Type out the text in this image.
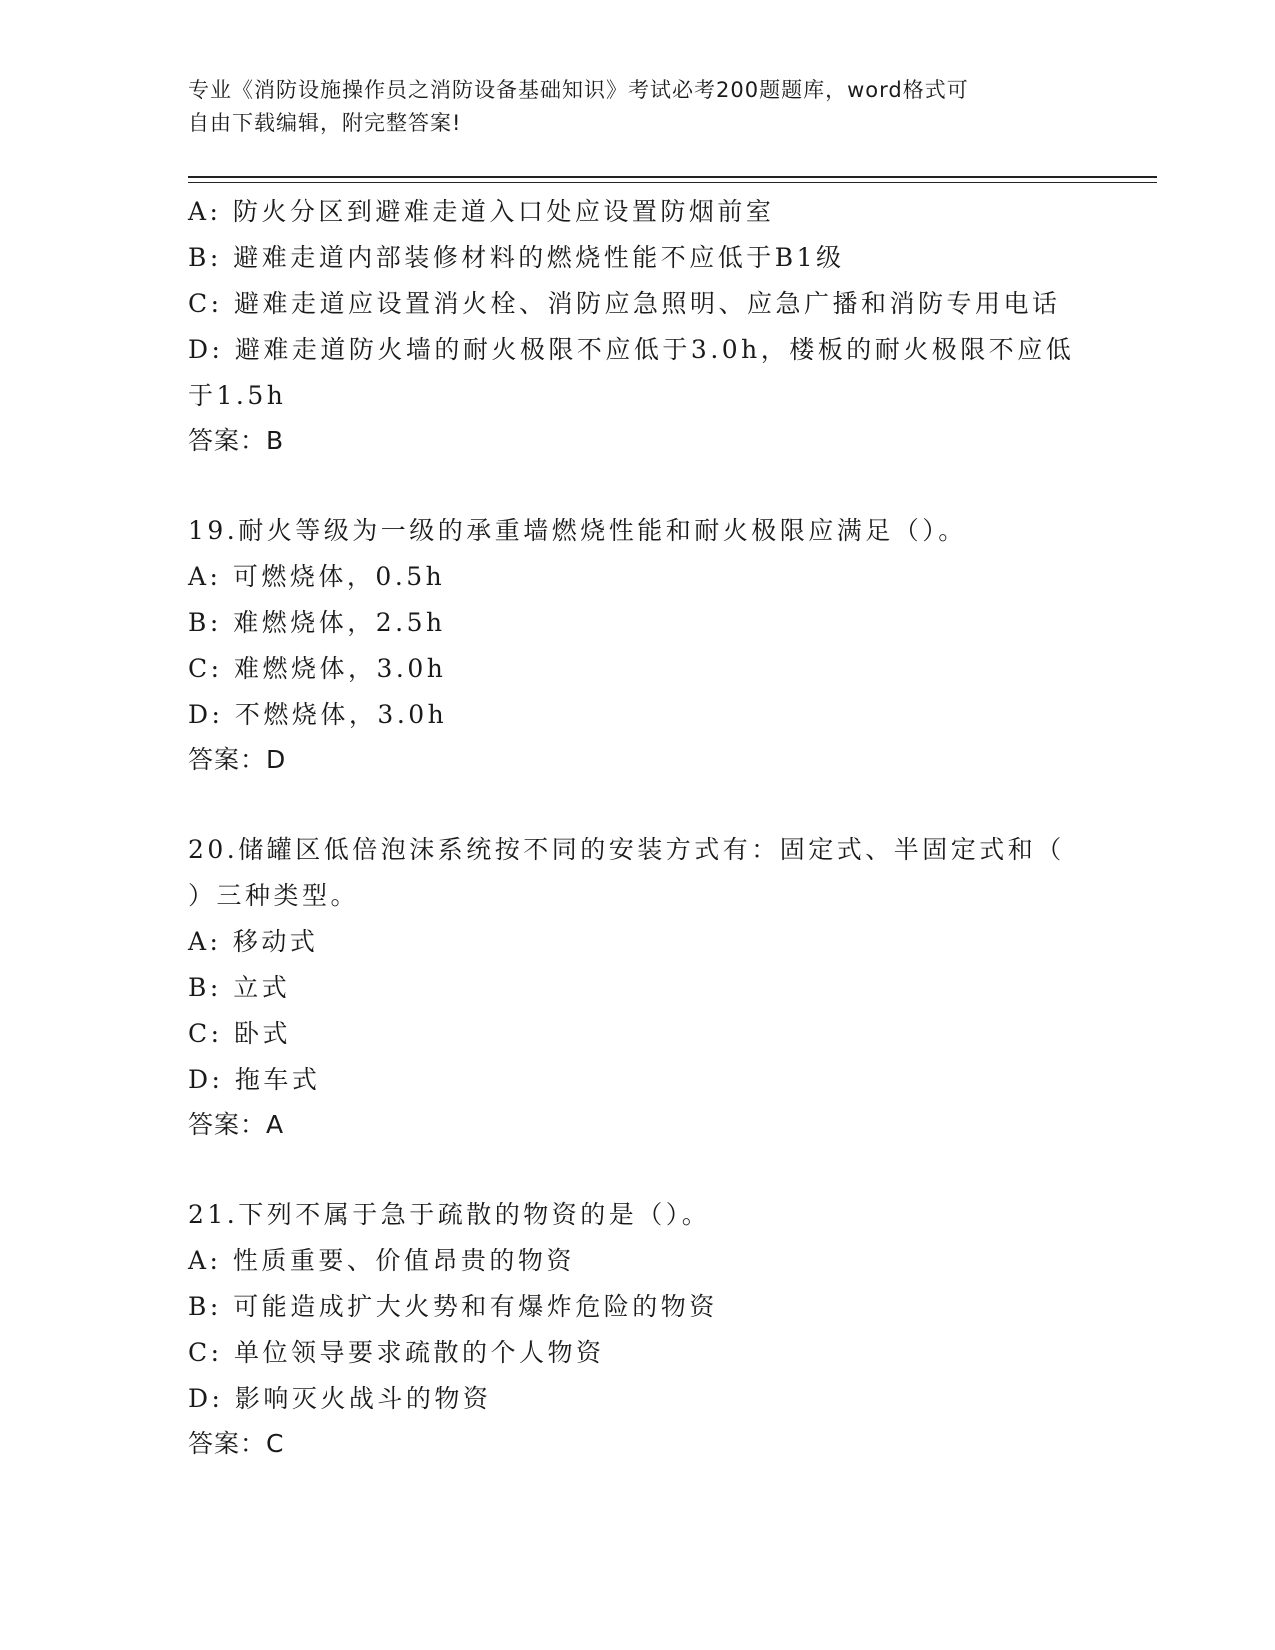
专业《消防设施操作员之消防设备基础知识》考试必考200题题库，word格式可
自由下载编辑，附完整答案!
A: 防火分区到避难走道入口处应设置防烟前室
B: 避难走道内部装修材料的燃烧性能不应低于B1级
C: 避难走道应设置消火栓、消防应急照明、应急广播和消防专用电话
D: 避难走道防火墙的耐火极限不应低于3.0h，楼板的耐火极限不应低
于1.5h
答案：B
19.耐火等级为一级的承重墙燃烧性能和耐火极限应满足（）。
A: 可燃烧体，0.5h
B: 难燃烧体，2.5h
C: 难燃烧体，3.0h
D: 不燃烧体，3.0h
答案：D
20.储罐区低倍泡沫系统按不同的安装方式有：固定式、半固定式和（
）三种类型。
A: 移动式
B: 立式
C: 卧式
D: 拖车式
答案：A
21.下列不属于急于疏散的物资的是（）。
A: 性质重要、价值昂贵的物资
B: 可能造成扩大火势和有爆炸危险的物资
C: 单位领导要求疏散的个人物资
D: 影响灭火战斗的物资
答案：C
